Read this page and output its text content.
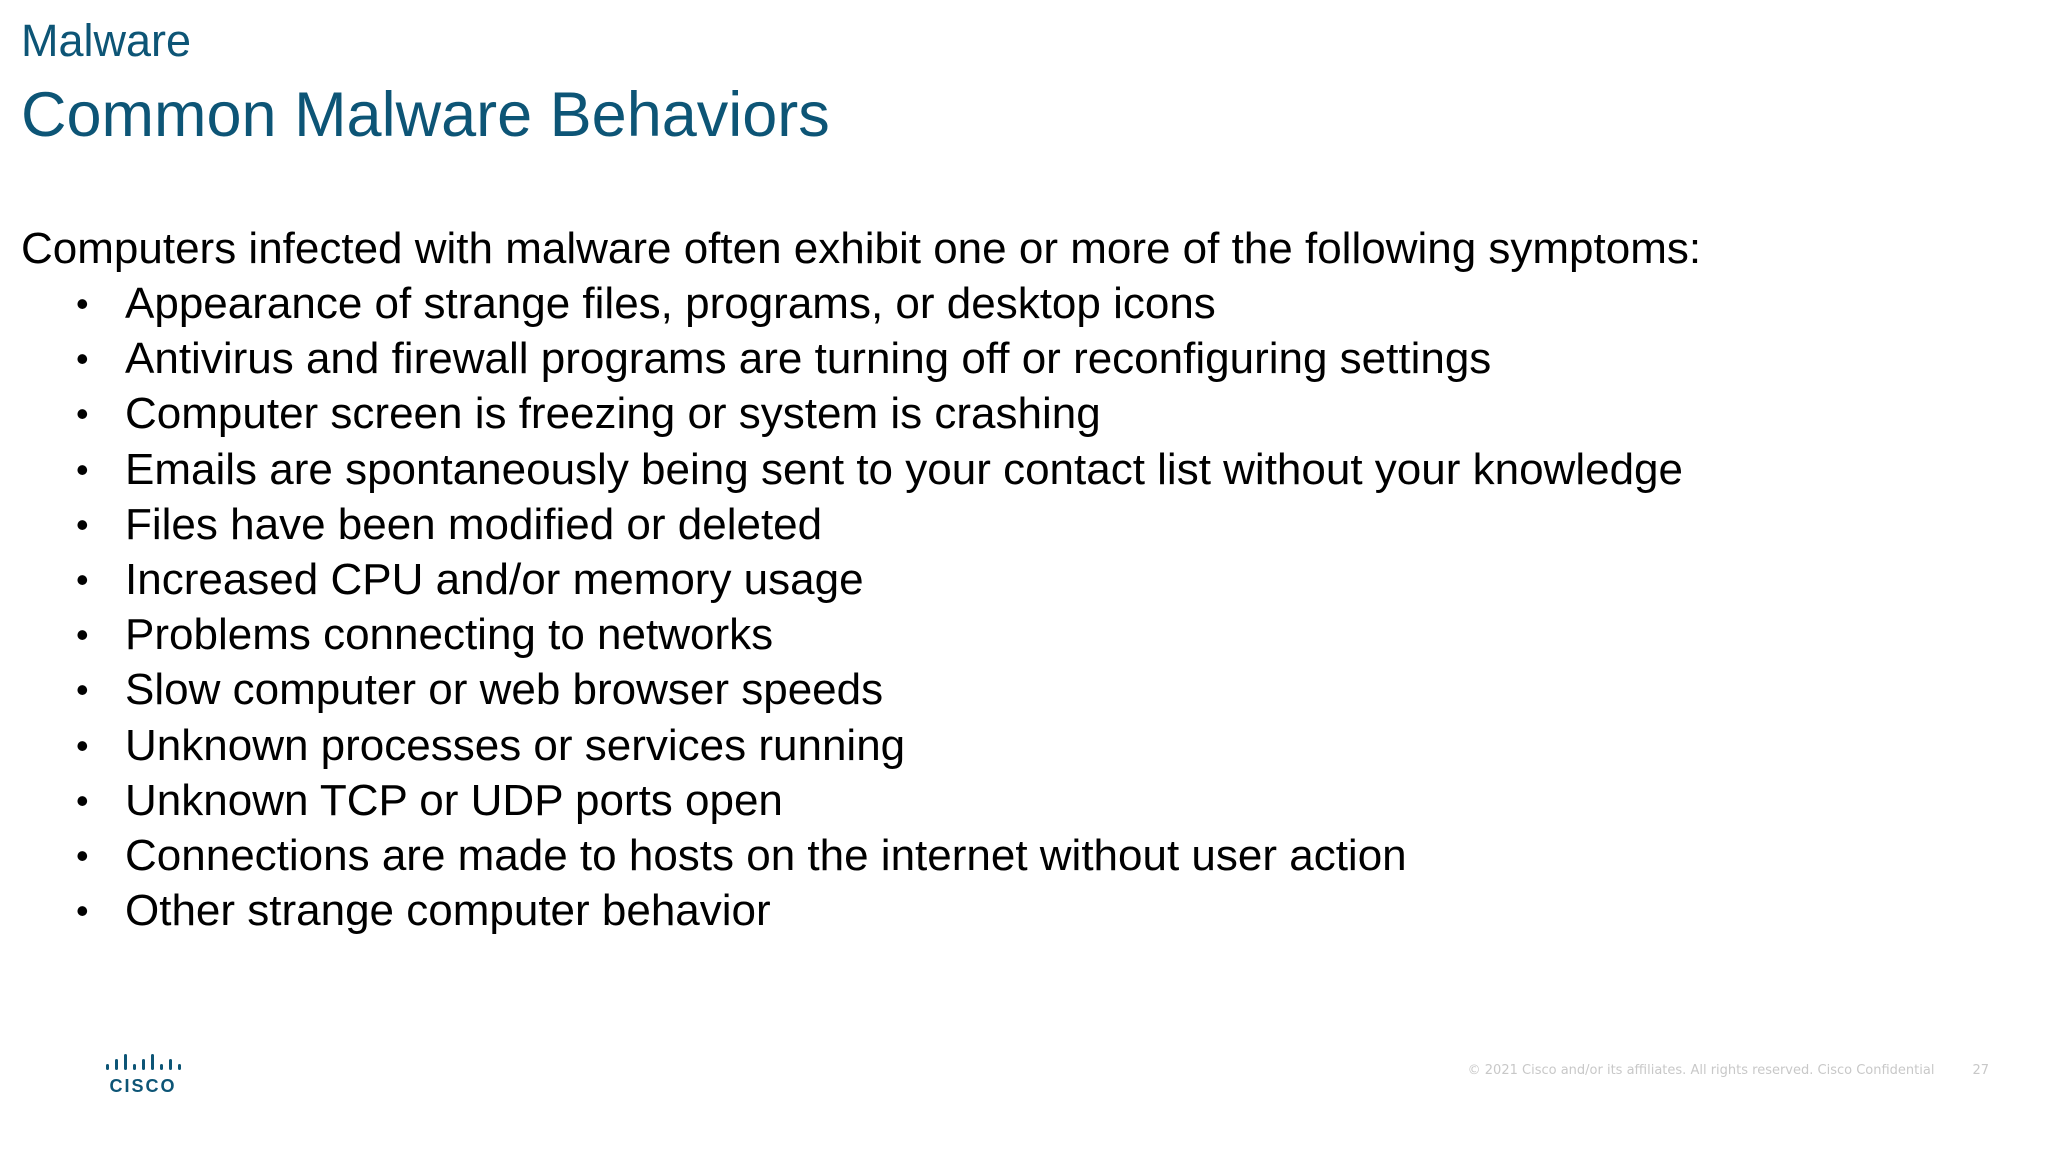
Malware
Common Malware Behaviors
Computers infected with malware often exhibit one or more of the following symptoms:
• Appearance of strange files, programs, or desktop icons
• Antivirus and firewall programs are turning off or reconfiguring settings
• Computer screen is freezing or system is crashing
• Emails are spontaneously being sent to your contact list without your knowledge
• Files have been modified or deleted
• Increased CPU and/or memory usage
• Problems connecting to networks
• Slow computer or web browser speeds
• Unknown processes or services running
• Unknown TCP or UDP ports open
• Connections are made to hosts on the internet without user action
• Other strange computer behavior
CISCO
© 2021 Cisco and/or its affiliates. All rights reserved. Cisco Confidential	27
